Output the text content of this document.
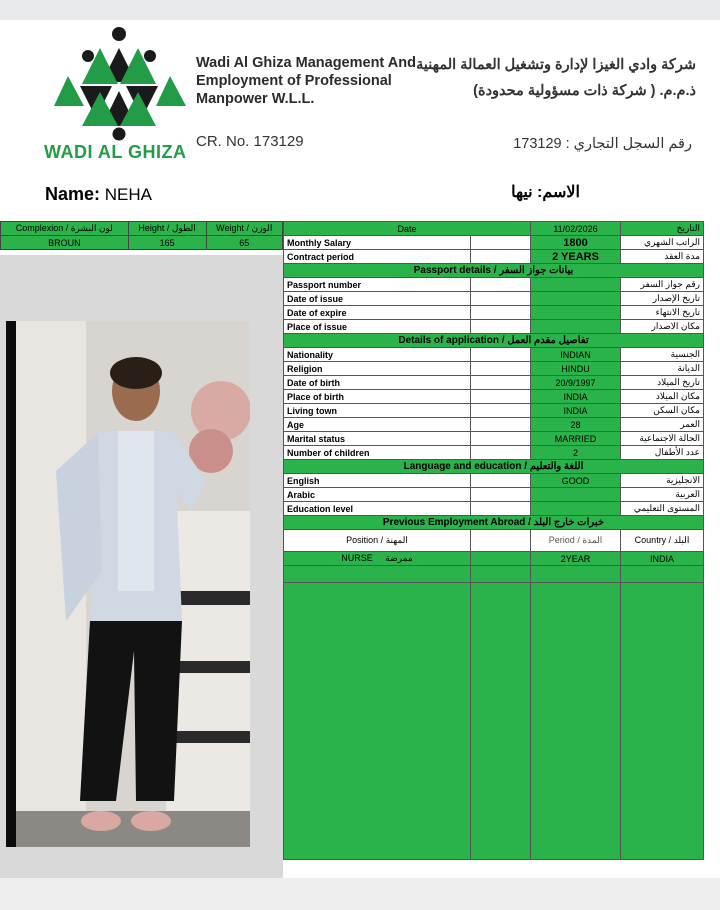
WADI AL GHIZA
Wadi Al Ghiza Management And
Employment of Professional
Manpower W.L.L.
CR. No. 173129
شركة وادي الغيزا لإدارة وتشغيل العمالة المهنية ذ.م.م. ( شركة ذات مسؤولية محدودة)
رقم السجل التجاري : 173129
Name: NEHA	الاسم: نيها
Complexion / لون البشرة	Height / الطول	Weight / الوزن
BROUN	165	65
Date		11/02/2026	التاريخ
Monthly Salary		1800	الراتب الشهري
Contract period		2 YEARS	مدة العقد
Passport details / بيانات جواز السفر			
Passport number			رقم جواز السفر
Date of issue			تاريخ الإصدار
Date of expire			تاريخ الانتهاء
Place of issue			مكان الاصدار
Details of application / تفاصيل مقدم العمل			
Nationality		INDIAN	الجنسية
Religion		HINDU	الديانة
Date of birth		20/9/1997	تاريخ الميلاد
Place of birth		INDIA	مكان الميلاد
Living town		INDIA	مكان السكن
Age		28	العمر
Marital status		MARRIED	الحالة الاجتماعية
Number of children		2	عدد الأطفال
Language and education / اللغة والتعليم			
English		GOOD	الانجليزية
Arabic			العربية
Education level			المستوى التعليمي
Previous Employment Abroad / خبرات خارج البلد			
Position / المهنة		Period / المدة	Country / البلد
NURSE ممرضة		2YEAR	INDIA
